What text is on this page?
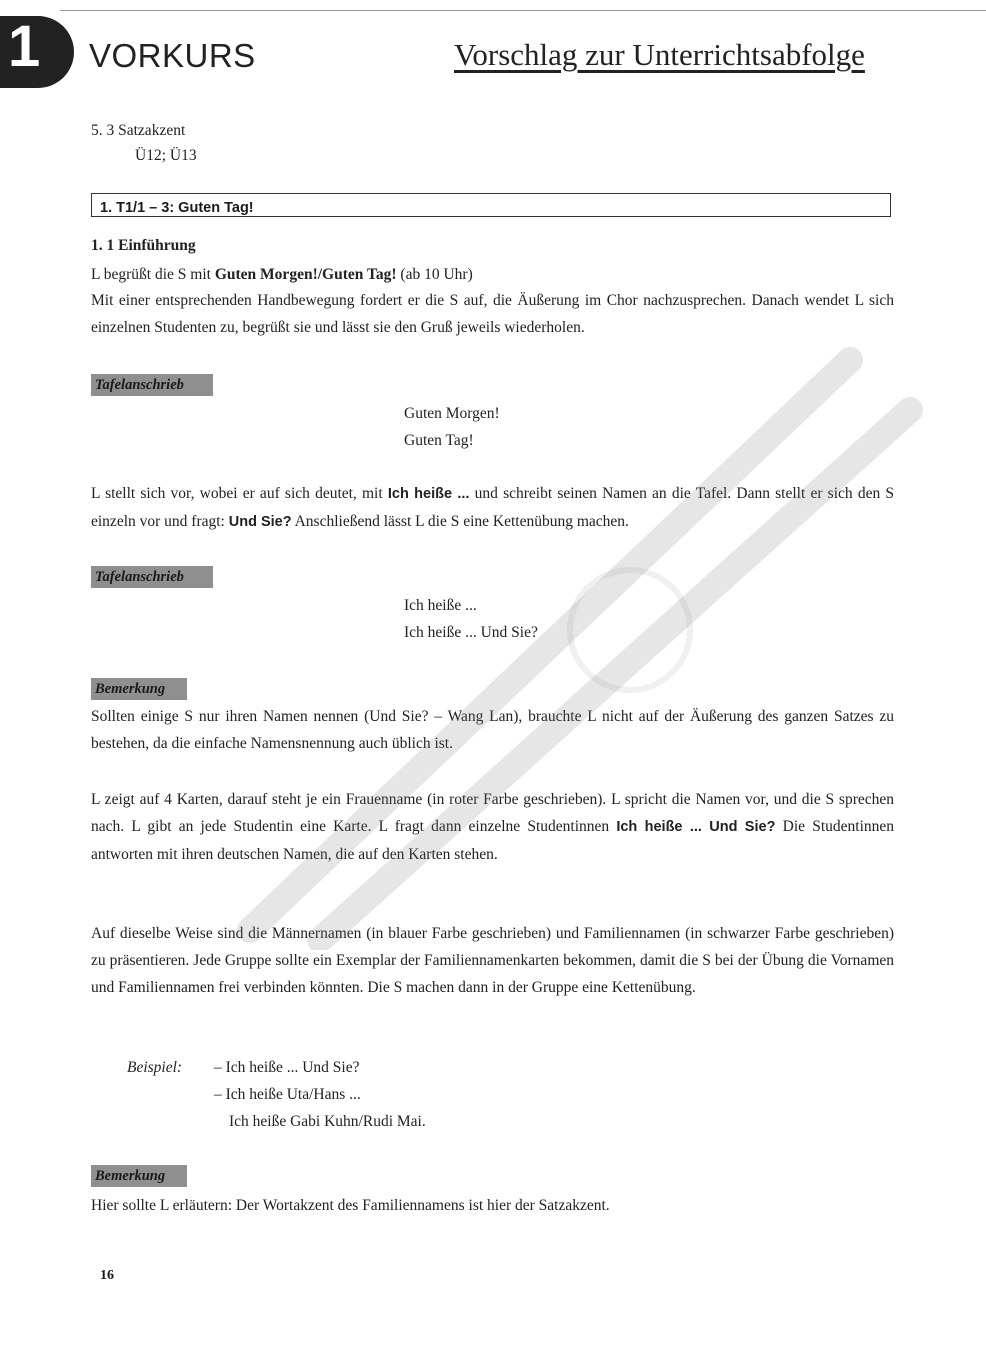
1 VORKURS	Vorschlag zur Unterrichtsabfolge
5. 3 Satzakzent
Ü12; Ü13
1. T1/1 – 3: Guten Tag!
1. 1 Einführung
L begrüßt die S mit Guten Morgen!/Guten Tag! (ab 10 Uhr)
Mit einer entsprechenden Handbewegung fordert er die S auf, die Äußerung im Chor nachzusprechen. Danach wendet L sich einzelnen Studenten zu, begrüßt sie und lässt sie den Gruß jeweils wiederholen.
Tafelanschrieb
Guten Morgen!
Guten Tag!
L stellt sich vor, wobei er auf sich deutet, mit Ich heiße ... und schreibt seinen Namen an die Tafel. Dann stellt er sich den S einzeln vor und fragt: Und Sie? Anschließend lässt L die S eine Kettenübung machen.
Tafelanschrieb
Ich heiße ...
Ich heiße ... Und Sie?
Bemerkung
Sollten einige S nur ihren Namen nennen (Und Sie? – Wang Lan), brauchte L nicht auf der Äußerung des ganzen Satzes zu bestehen, da die einfache Namensnennung auch üblich ist.
L zeigt auf 4 Karten, darauf steht je ein Frauenname (in roter Farbe geschrieben). L spricht die Namen vor, und die S sprechen nach. L gibt an jede Studentin eine Karte. L fragt dann einzelne Studentinnen Ich heiße ... Und Sie? Die Studentinnen antworten mit ihren deutschen Namen, die auf den Karten stehen.
Auf dieselbe Weise sind die Männernamen (in blauer Farbe geschrieben) und Familiennamen (in schwarzer Farbe geschrieben) zu präsentieren. Jede Gruppe sollte ein Exemplar der Familiennamenkarten bekommen, damit die S bei der Übung die Vornamen und Familiennamen frei verbinden könnten. Die S machen dann in der Gruppe eine Kettenübung.
Beispiel: – Ich heiße ... Und Sie?
– Ich heiße Uta/Hans ...
Ich heiße Gabi Kuhn/Rudi Mai.
Bemerkung
Hier sollte L erläutern: Der Wortakzent des Familiennamens ist hier der Satzakzent.
16
